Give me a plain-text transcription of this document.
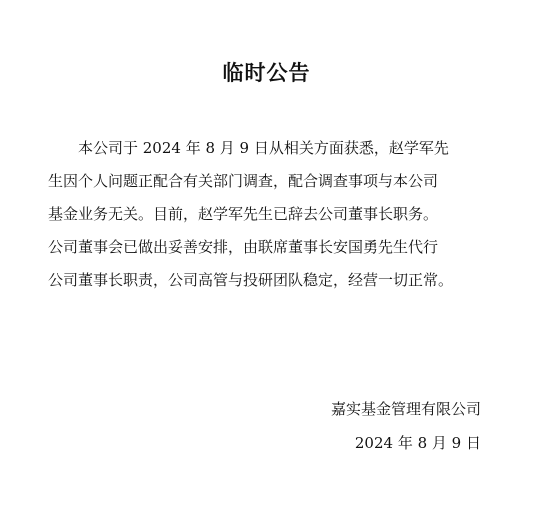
临时公告
本公司于 2024 年 8 月 9 日从相关方面获悉，赵学军先
生因个人问题正配合有关部门调查，配合调查事项与本公司
基金业务无关。目前，赵学军先生已辞去公司董事长职务。
公司董事会已做出妥善安排，由联席董事长安国勇先生代行
公司董事长职责，公司高管与投研团队稳定，经营一切正常。
嘉实基金管理有限公司
2024 年 8 月 9 日
